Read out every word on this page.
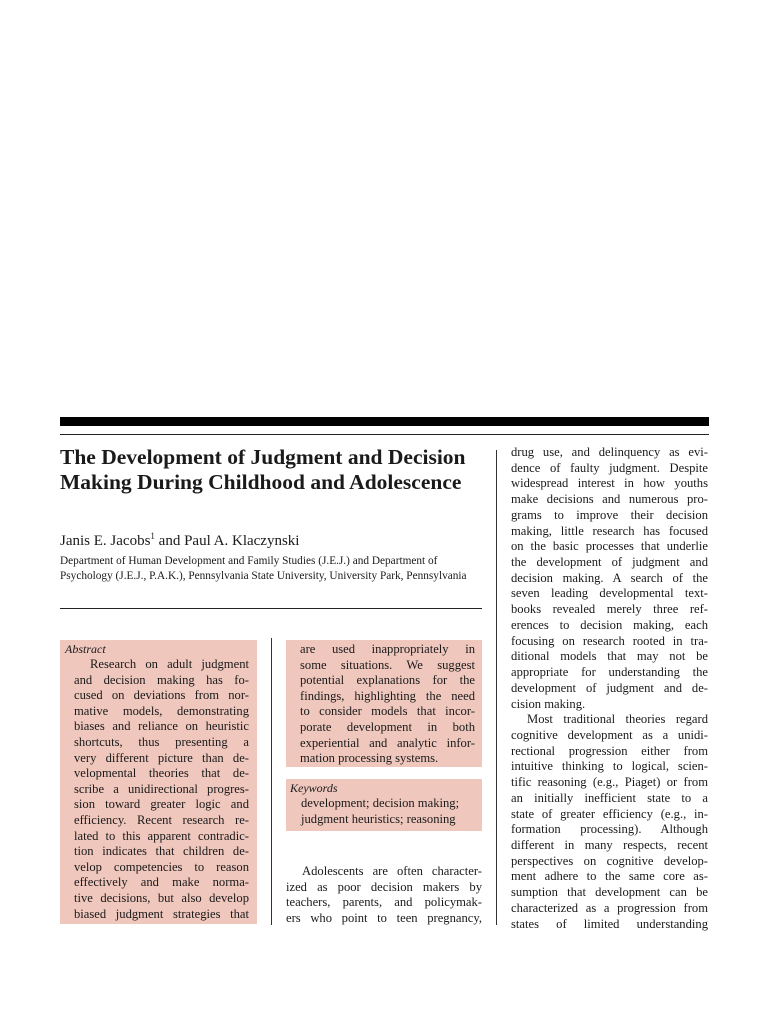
The Development of Judgment and Decision Making During Childhood and Adolescence
Janis E. Jacobs$^1$ and Paul A. Klaczynski
Department of Human Development and Family Studies (J.E.J.) and Department of Psychology (J.E.J., P.A.K.), Pennsylvania State University, University Park, Pennsylvania
Abstract
Research on adult judgment
and decision making has fo-
cused on deviations from nor-
mative models, demonstrating
biases and reliance on heuristic
shortcuts, thus presenting a
very different picture than de-
velopmental theories that de-
scribe a unidirectional progres-
sion toward greater logic and
efficiency. Recent research re-
lated to this apparent contradic-
tion indicates that children de-
velop competencies to reason
effectively and make norma-
tive decisions, but also develop
biased judgment strategies that
are used inappropriately in
some situations. We suggest
potential explanations for the
findings, highlighting the need
to consider models that incor-
porate development in both
experiential and analytic infor-
mation processing systems.
Keywords
development; decision making;
judgment heuristics; reasoning
Adolescents are often character-
ized as poor decision makers by
teachers, parents, and policymak-
ers who point to teen pregnancy,
drug use, and delinquency as evi-
dence of faulty judgment. Despite
widespread interest in how youths
make decisions and numerous pro-
grams to improve their decision
making, little research has focused
on the basic processes that underlie
the development of judgment and
decision making. A search of the
seven leading developmental text-
books revealed merely three ref-
erences to decision making, each
focusing on research rooted in tra-
ditional models that may not be
appropriate for understanding the
development of judgment and de-
cision making.
Most traditional theories regard
cognitive development as a unidi-
rectional progression either from
intuitive thinking to logical, scien-
tific reasoning (e.g., Piaget) or from
an initially inefficient state to a
state of greater efficiency (e.g., in-
formation processing). Although
different in many respects, recent
perspectives on cognitive develop-
ment adhere to the same core as-
sumption that development can be
characterized as a progression from
states of limited understanding
